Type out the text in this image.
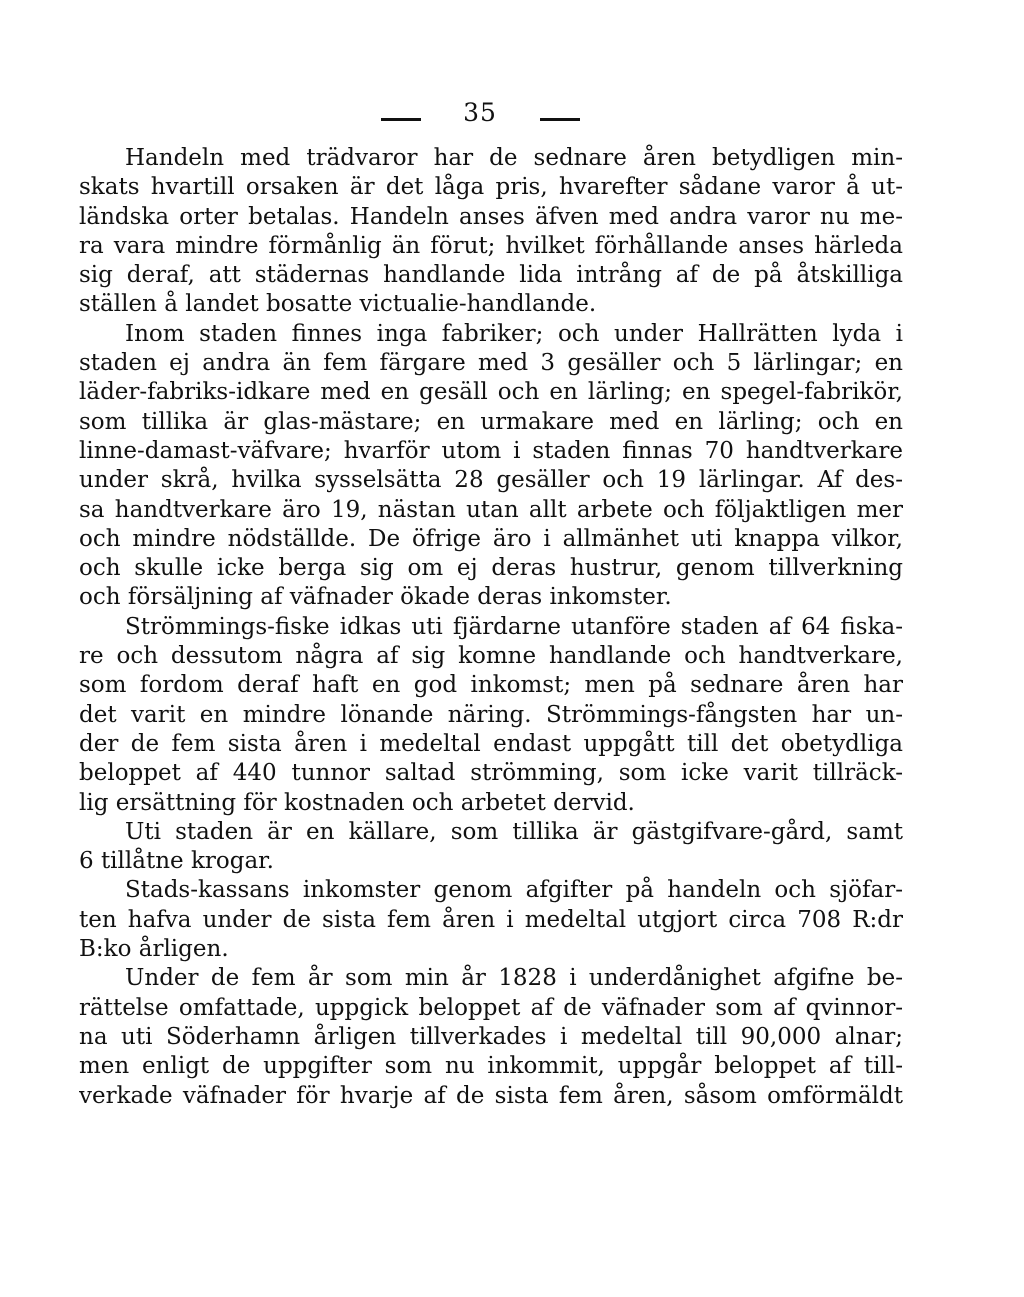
35
Handeln med trädvaror har de sednare åren betydligen min-
skats hvartill orsaken är det låga pris, hvarefter sådane varor å ut-
ländska orter betalas. Handeln anses äfven med andra varor nu me-
ra vara mindre förmånlig än förut; hvilket förhållande anses härleda
sig deraf, att städernas handlande lida intrång af de på åtskilliga
ställen å landet bosatte victualie-handlande.
Inom staden finnes inga fabriker; och under Hallrätten lyda i
staden ej andra än fem färgare med 3 gesäller och 5 lärlingar; en
läder-fabriks-idkare med en gesäll och en lärling; en spegel-fabrikör,
som tillika är glas-mästare; en urmakare med en lärling; och en
linne-damast-väfvare; hvarför utom i staden finnas 70 handtverkare
under skrå, hvilka sysselsätta 28 gesäller och 19 lärlingar. Af des-
sa handtverkare äro 19, nästan utan allt arbete och följaktligen mer
och mindre nödställde. De öfrige äro i allmänhet uti knappa vilkor,
och skulle icke berga sig om ej deras hustrur, genom tillverkning
och försäljning af väfnader ökade deras inkomster.
Strömmings-fiske idkas uti fjärdarne utanföre staden af 64 fiska-
re och dessutom några af sig komne handlande och handtverkare,
som fordom deraf haft en god inkomst; men på sednare åren har
det varit en mindre lönande näring. Strömmings-fångsten har un-
der de fem sista åren i medeltal endast uppgått till det obetydliga
beloppet af 440 tunnor saltad strömming, som icke varit tillräck-
lig ersättning för kostnaden och arbetet dervid.
Uti staden är en källare, som tillika är gästgifvare-gård, samt
6 tillåtne krogar.
Stads-kassans inkomster genom afgifter på handeln och sjöfar-
ten hafva under de sista fem åren i medeltal utgjort circa 708 R:dr
B:ko årligen.
Under de fem år som min år 1828 i underdånighet afgifne be-
rättelse omfattade, uppgick beloppet af de väfnader som af qvinnor-
na uti Söderhamn årligen tillverkades i medeltal till 90,000 alnar;
men enligt de uppgifter som nu inkommit, uppgår beloppet af till-
verkade väfnader för hvarje af de sista fem åren, såsom omförmäldt
